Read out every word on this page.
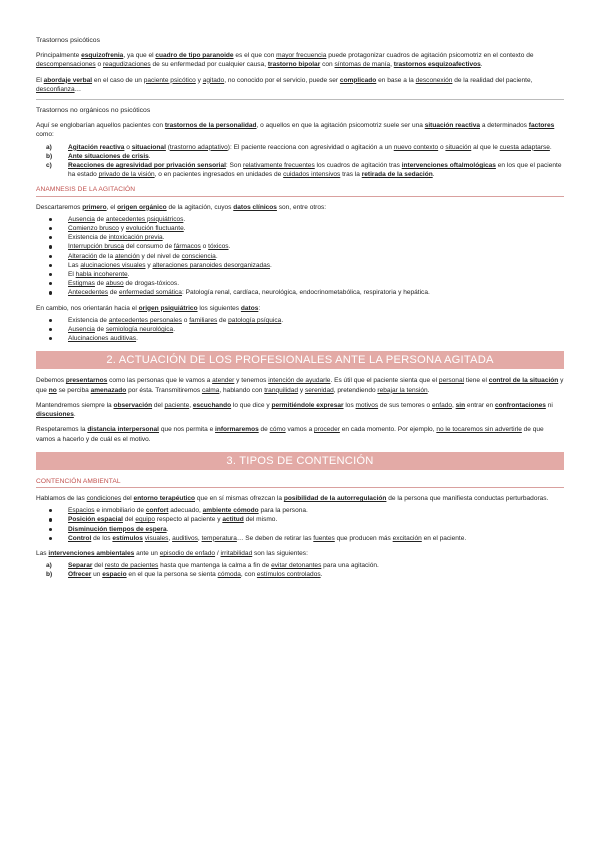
Trastornos psicóticos

Principalmente esquizofrenia, ya que el cuadro de tipo paranoide es el que con mayor frecuencia puede protagonizar cuadros de agitación psicomotriz en el contexto de descompensaciones o reagudizaciones de su enfermedad por cualquier causa, trastorno bipolar con síntomas de manía, trastornos esquizoafectivos.

El abordaje verbal en el caso de un paciente psicótico y agitado, no conocido por el servicio, puede ser complicado en base a la desconexión de la realidad del paciente, desconfianza…

Trastornos no orgánicos no psicóticos

Aquí se englobarían aquellos pacientes con trastornos de la personalidad, o aquellos en que la agitación psicomotriz suele ser una situación reactiva a determinados factores como:

a) Agitación reactiva o situacional (trastorno adaptativo): El paciente reacciona con agresividad o agitación a un nuevo contexto o situación al que le cuesta adaptarse.
b) Ante situaciones de crisis.
c) Reacciones de agresividad por privación sensorial: Son relativamente frecuentes los cuadros de agitación tras intervenciones oftalmológicas en los que el paciente ha estado privado de la visión, o en pacientes ingresados en unidades de cuidados intensivos tras la retirada de la sedación.
ANAMNESIS DE LA AGITACIÓN

Descartaremos primero, el origen orgánico de la agitación, cuyos datos clínicos son, entre otros:

Ausencia de antecedentes psiquiátricos.
Comienzo brusco y evolución fluctuante.
Existencia de intoxicación previa.
Interrupción brusca del consumo de fármacos o tóxicos.
Alteración de la atención y del nivel de consciencia.
Las alucinaciones visuales y alteraciones paranoides desorganizadas.
El habla incoherente.
Estigmas de abuso de drogas-tóxicos.
Antecedentes de enfermedad somática: Patología renal, cardíaca, neurológica, endocrinometabólica, respiratoria y hepática.

En cambio, nos orientarán hacia el origen psiquiátrico los siguientes datos:

Existencia de antecedentes personales o familiares de patología psíquica.
Ausencia de semiología neurológica.
Alucinaciones auditivas.
2. ACTUACIÓN DE LOS PROFESIONALES ANTE LA PERSONA AGITADA

Debemos presentarnos como las personas que le vamos a atender y tenemos intención de ayudarle. Es útil que el paciente sienta que el personal tiene el control de la situación y que no se perciba amenazado por ésta. Transmitiremos calma, hablando con tranquilidad y serenidad, pretendiendo rebajar la tensión.

Mantendremos siempre la observación del paciente, escuchando lo que dice y permitiéndole expresar los motivos de sus temores o enfado, sin entrar en confrontaciones ni discusiones.

Respetaremos la distancia interpersonal que nos permita e informaremos de cómo vamos a proceder en cada momento. Por ejemplo, no le tocaremos sin advertirle de que vamos a hacerlo y de cuál es el motivo.

3. TIPOS DE CONTENCIÓN
CONTENCIÓN AMBIENTAL

Hablamos de las condiciones del entorno terapéutico que en sí mismas ofrezcan la posibilidad de la autorregulación de la persona que manifiesta conductas perturbadoras.

Espacios e inmobiliario de confort adecuado, ambiente cómodo para la persona.
Posición espacial del equipo respecto al paciente y actitud del mismo.
Disminución tiempos de espera.
Control de los estímulos visuales, auditivos, temperatura… Se deben de retirar las fuentes que producen más excitación en el paciente.

Las intervenciones ambientales ante un episodio de enfado / irritabilidad son las siguientes:

a) Separar del resto de pacientes hasta que mantenga la calma a fin de evitar detonantes para una agitación.
b) Ofrecer un espacio en el que la persona se sienta cómoda, con estímulos controlados.
